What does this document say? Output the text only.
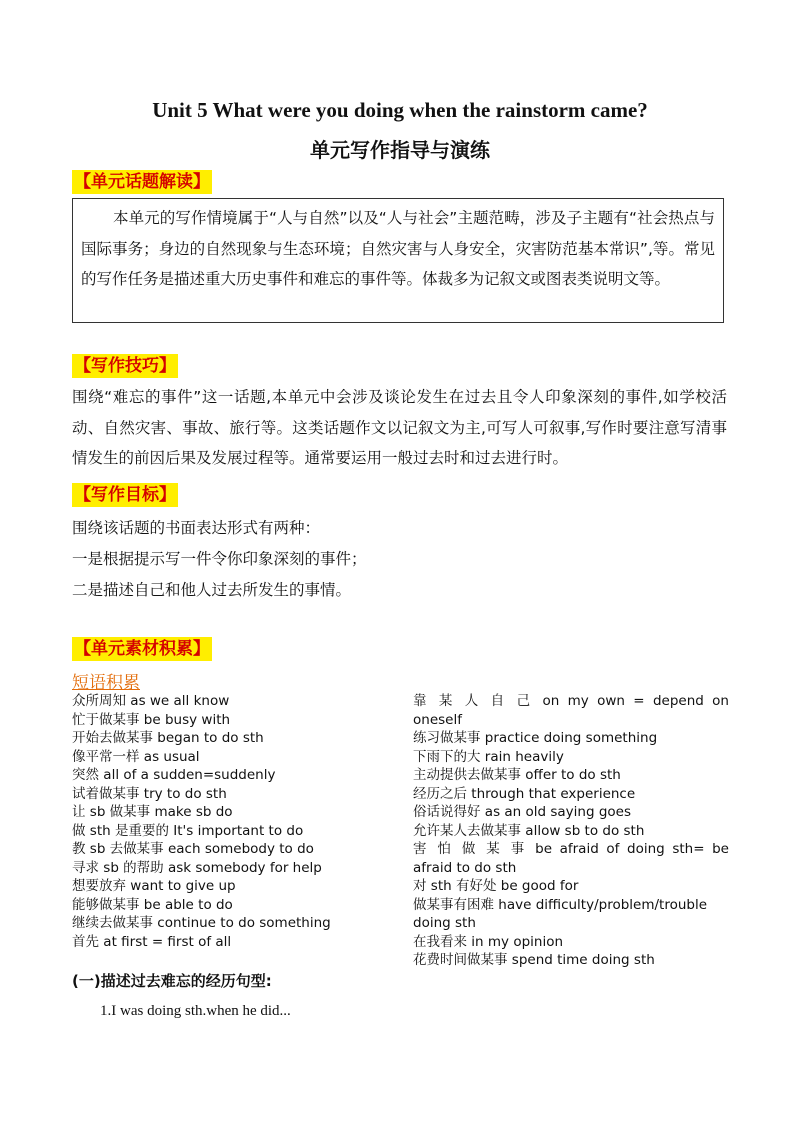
Unit 5 What were you doing when the rainstorm came?
单元写作指导与演练
【单元话题解读】
本单元的写作情境属于“人与自然”以及“人与社会”主题范畴，涉及子主题有“社会热点与国际事务；身边的自然现象与生态环境；自然灾害与人身安全，灾害防范基本常识”,等。常见的写作任务是描述重大历史事件和难忘的事件等。体裁多为记叙文或图表类说明文等。
【写作技巧】
围绕“难忘的事件”这一话题,本单元中会涉及谈论发生在过去且令人印象深刻的事件,如学校活动、自然灾害、事故、旅行等。这类话题作文以记叙文为主,可写人可叙事,写作时要注意写清事情发生的前因后果及发展过程等。通常要运用一般过去时和过去进行时。
【写作目标】
围绕该话题的书面表达形式有两种：
一是根据提示写一件令你印象深刻的事件；
二是描述自己和他人过去所发生的事情。
【单元素材积累】
短语积累
众所周知 as we all know
忙于做某事 be busy with
开始去做某事 began to do sth
像平常一样 as usual
突然 all of a sudden=suddenly
试着做某事 try to do sth
让 sb 做某事 make sb do
做 sth 是重要的 It's important to do
教 sb 去做某事 each somebody to do
寻求 sb 的帮助 ask somebody for help
想要放弃 want to give up
能够做某事 be able to do
继续去做某事 continue to do something
首先 at first = first of all
靠 某 人 自 己 on my own = depend on
oneself
练习做某事 practice doing something
下雨下的大 rain heavily
主动提供去做某事 offer to do sth
经历之后 through that experience
俗话说得好 as an old saying goes
允许某人去做某事 allow sb to do sth
害 怕 做 某 事 be afraid of doing sth= be
afraid to do sth
对 sth 有好处 be good for
做某事有困难 have difficulty/problem/trouble
doing sth
在我看来 in my opinion
花费时间做某事 spend time doing sth
(一)描述过去难忘的经历句型:
1.I was doing sth.when he did...
